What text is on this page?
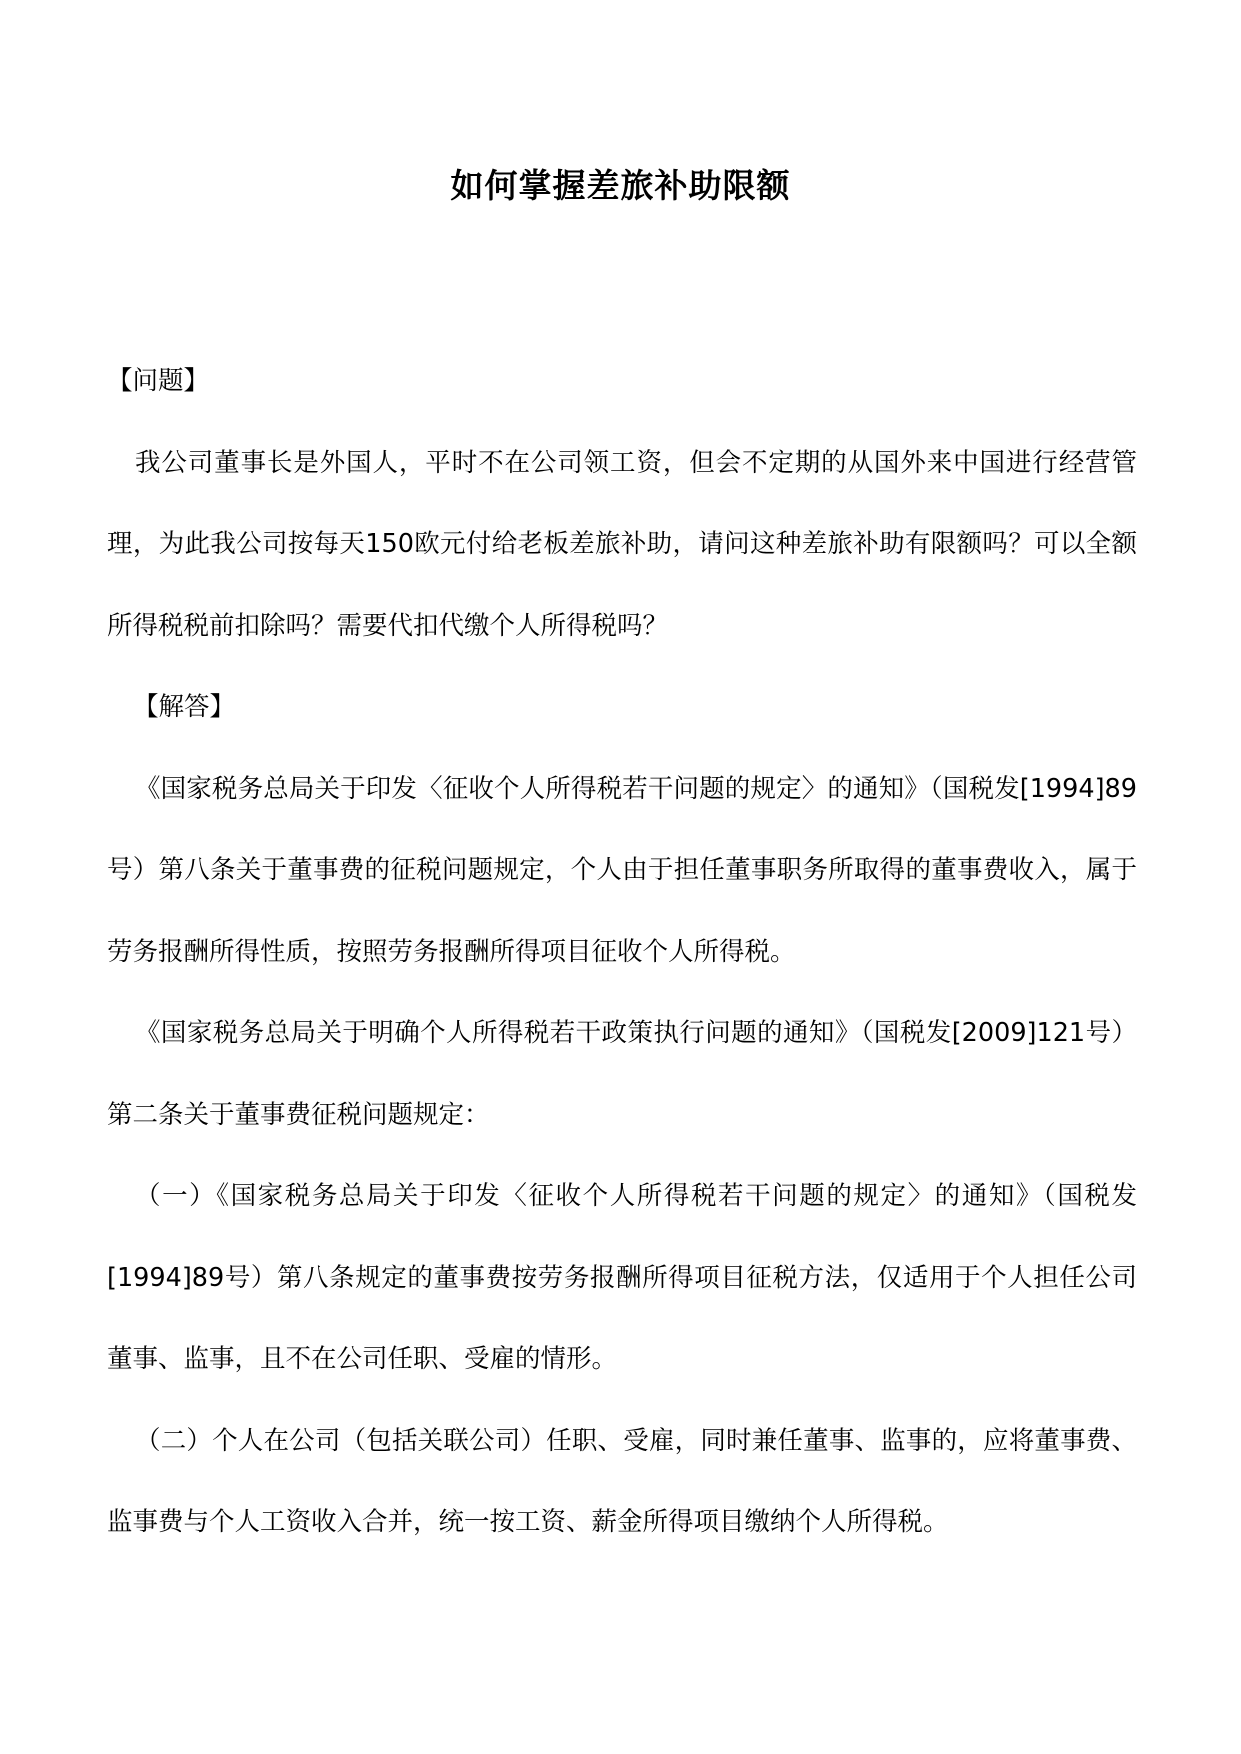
如何掌握差旅补助限额

【问题】

我公司董事长是外国人，平时不在公司领工资，但会不定期的从国外来中国进行经营管理，为此我公司按每天150欧元付给老板差旅补助，请问这种差旅补助有限额吗？可以全额所得税税前扣除吗？需要代扣代缴个人所得税吗？

【解答】

《国家税务总局关于印发〈征收个人所得税若干问题的规定〉的通知》（国税发[1994]89号）第八条关于董事费的征税问题规定，个人由于担任董事职务所取得的董事费收入，属于劳务报酬所得性质，按照劳务报酬所得项目征收个人所得税。

《国家税务总局关于明确个人所得税若干政策执行问题的通知》（国税发[2009]121号）第二条关于董事费征税问题规定：

（一）《国家税务总局关于印发〈征收个人所得税若干问题的规定〉的通知》（国税发[1994]89号）第八条规定的董事费按劳务报酬所得项目征税方法，仅适用于个人担任公司董事、监事，且不在公司任职、受雇的情形。

（二）个人在公司（包括关联公司）任职、受雇，同时兼任董事、监事的，应将董事费、监事费与个人工资收入合并，统一按工资、薪金所得项目缴纳个人所得税。
